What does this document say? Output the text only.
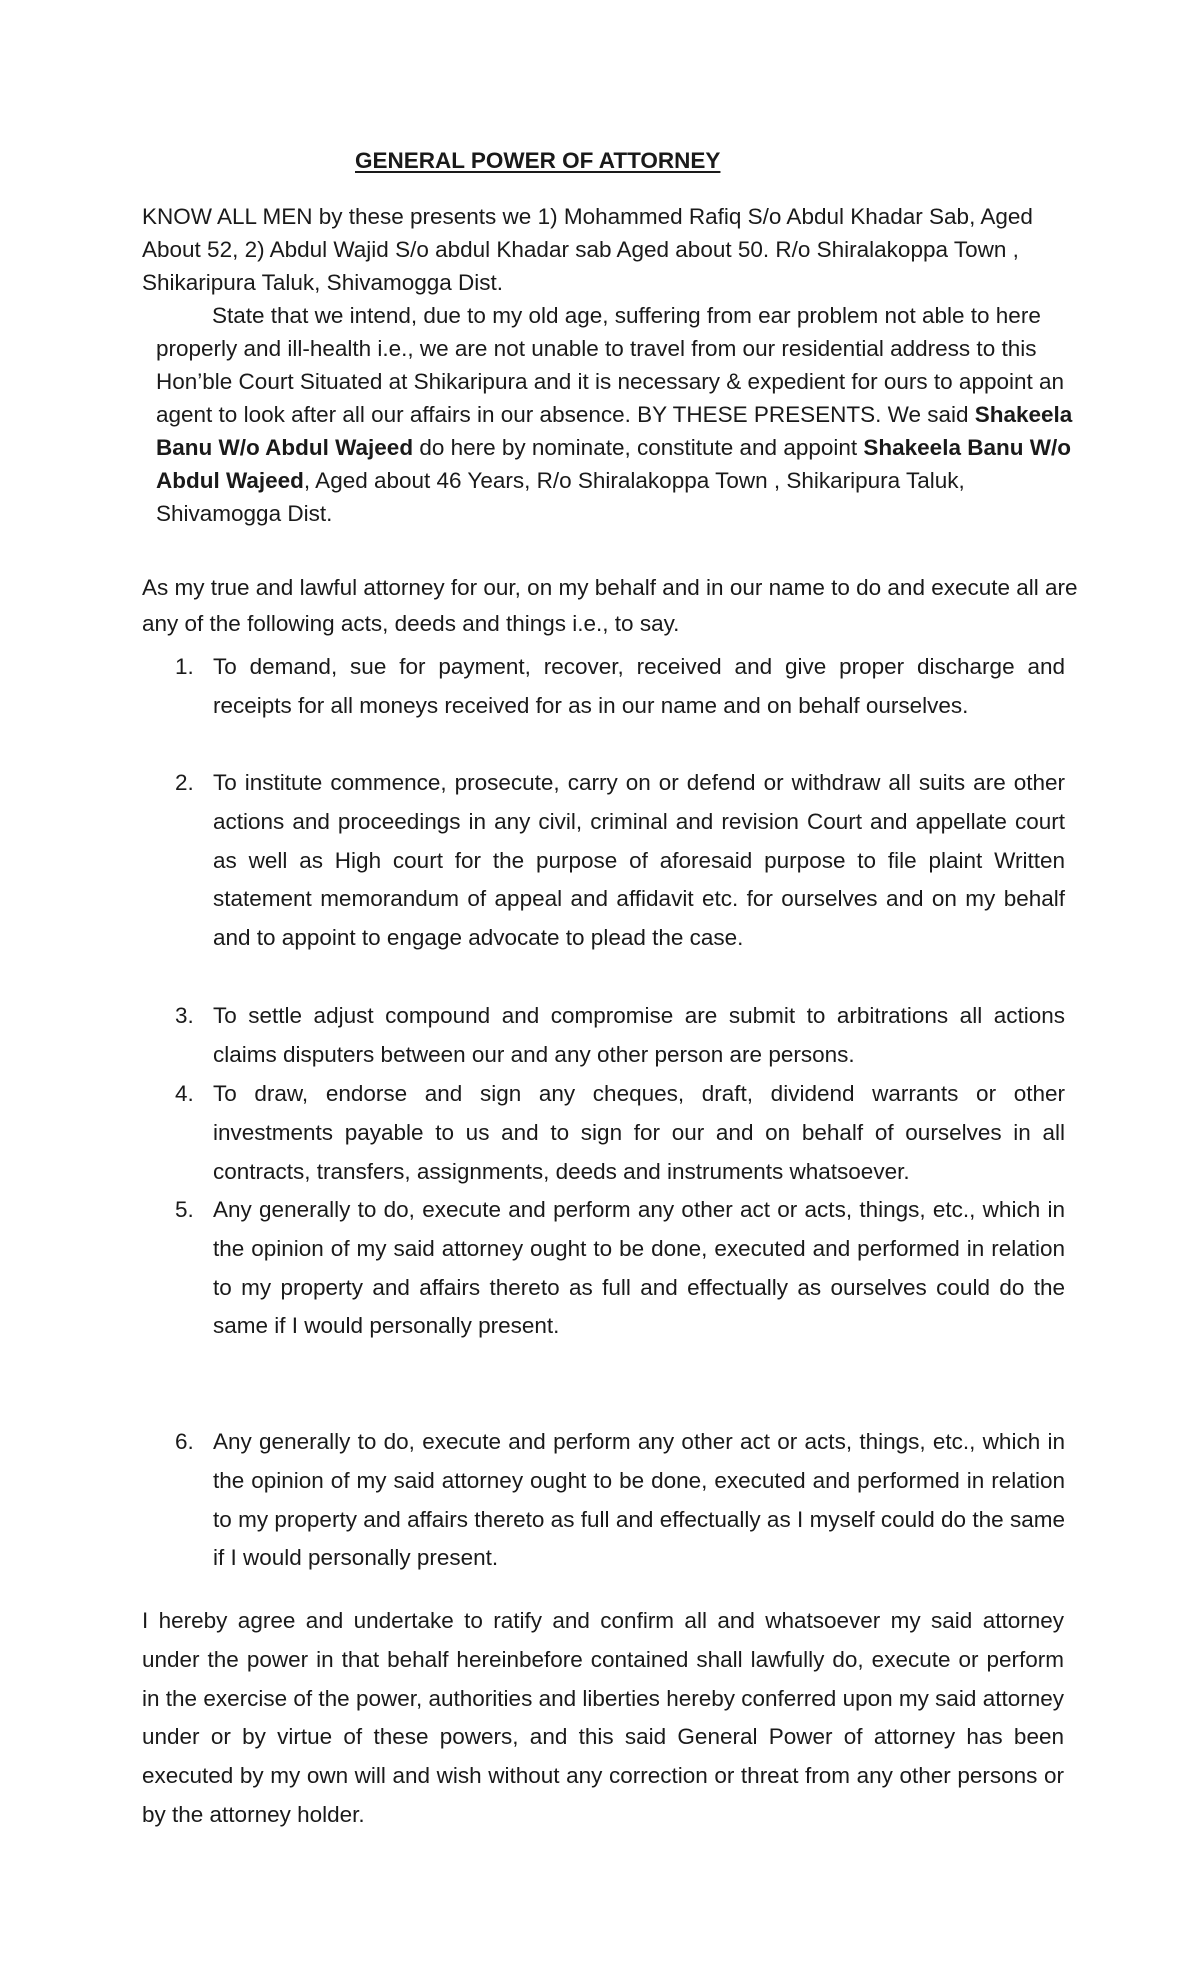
GENERAL POWER OF ATTORNEY

KNOW ALL MEN by these presents we 1) Mohammed Rafiq S/o Abdul Khadar Sab, Aged About 52, 2) Abdul Wajid S/o abdul Khadar sab Aged about 50. R/o Shiralakoppa Town , Shikaripura Taluk, Shivamogga Dist.

State that we intend, due to my old age, suffering from ear problem not able to here properly and ill-health i.e., we are not unable to travel from our residential address to this Hon’ble Court Situated at Shikaripura and it is necessary & expedient for ours to appoint an agent to look after all our affairs in our absence. BY THESE PRESENTS. We said Shakeela Banu W/o Abdul Wajeed do here by nominate, constitute and appoint Shakeela Banu W/o Abdul Wajeed, Aged about 46 Years, R/o Shiralakoppa Town , Shikaripura Taluk, Shivamogga Dist.

As my true and lawful attorney for our, on my behalf and in our name to do and execute all are any of the following acts, deeds and things i.e., to say.

1. To demand, sue for payment, recover, received and give proper discharge and receipts for all moneys received for as in our name and on behalf ourselves.
2. To institute commence, prosecute, carry on or defend or withdraw all suits are other actions and proceedings in any civil, criminal and revision Court and appellate court as well as High court for the purpose of aforesaid purpose to file plaint Written statement memorandum of appeal and affidavit etc. for ourselves and on my behalf and to appoint to engage advocate to plead the case.
3. To settle adjust compound and compromise are submit to arbitrations all actions claims disputers between our and any other person are persons.
4. To draw, endorse and sign any cheques, draft, dividend warrants or other investments payable to us and to sign for our and on behalf of ourselves in all contracts, transfers, assignments, deeds and instruments whatsoever.
5. Any generally to do, execute and perform any other act or acts, things, etc., which in the opinion of my said attorney ought to be done, executed and performed in relation to my property and affairs thereto as full and effectually as ourselves could do the same if I would personally present.
6. Any generally to do, execute and perform any other act or acts, things, etc., which in the opinion of my said attorney ought to be done, executed and performed in relation to my property and affairs thereto as full and effectually as I myself could do the same if I would personally present.

I hereby agree and undertake to ratify and confirm all and whatsoever my said attorney under the power in that behalf hereinbefore contained shall lawfully do, execute or perform in the exercise of the power, authorities and liberties hereby conferred upon my said attorney under or by virtue of these powers, and this said General Power of attorney has been executed by my own will and wish without any correction or threat from any other persons or by the attorney holder.
